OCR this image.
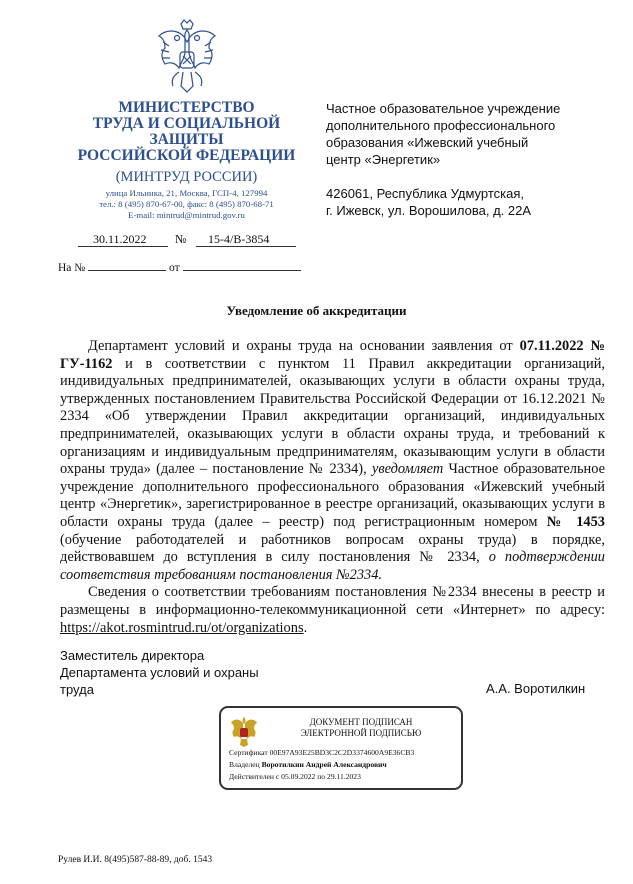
МИНИСТЕРСТВО
ТРУДА И СОЦИАЛЬНОЙ
ЗАЩИТЫ
РОССИЙСКОЙ ФЕДЕРАЦИИ
(МИНТРУД РОССИИ)
улица Ильинка, 21, Москва, ГСП-4, 127994
тел.: 8 (495) 870-67-00, факс: 8 (495) 870-68-71
E-mail: mintrud@mintrud.gov.ru
30.11.2022 № 15-4/В-3854
На №	от

Частное образовательное учреждение

дополнительного профессионального

образования «Ижевский учебный

центр «Энергетик»

426061, Республика Удмуртская,

г. Ижевск, ул. Ворошилова, д. 22А

Уведомление об аккредитации

Департамент условий и охраны труда на основании заявления от 07.11.2022 № ГУ-1162 и в соответствии с пунктом 11 Правил аккредитации организаций, индивидуальных предпринимателей, оказывающих услуги в области охраны труда, утвержденных постановлением Правительства Российской Федерации от 16.12.2021 № 2334 «Об утверждении Правил аккредитации организаций, индивидуальных предпринимателей, оказывающих услуги в области охраны труда, и требований к организациям и индивидуальным предпринимателям, оказывающим услуги в области охраны труда» (далее – постановление № 2334), уведомляет Частное образовательное учреждение дополнительного профессионального образования «Ижевский учебный центр «Энергетик», зарегистрированное в реестре организаций, оказывающих услуги в области охраны труда (далее – реестр) под регистрационным номером № 1453 (обучение работодателей и работников вопросам охраны труда) в порядке, действовавшем до вступления в силу постановления № 2334, о подтверждении соответствия требованиям постановления №2334.

Сведения о соответствии требованиям постановления №2334 внесены в реестр и размещены в информационно-телекоммуникационной сети «Интернет» по адресу: https://akot.rosmintrud.ru/ot/organizations.

Заместитель директора

Департамента условий и охраны

труда	А.А. Воротилкин
ДОКУМЕНТ ПОДПИСАН
ЭЛЕКТРОННОЙ ПОДПИСЬЮ
Сертификат 00E97A93E25BD3C2C2D3374600A9E36CB3
Владелец Воротилкин Андрей Александрович
Действителен с 05.09.2022 по 29.11.2023
Рулев И.И. 8(495)587-88-89, доб. 1543
